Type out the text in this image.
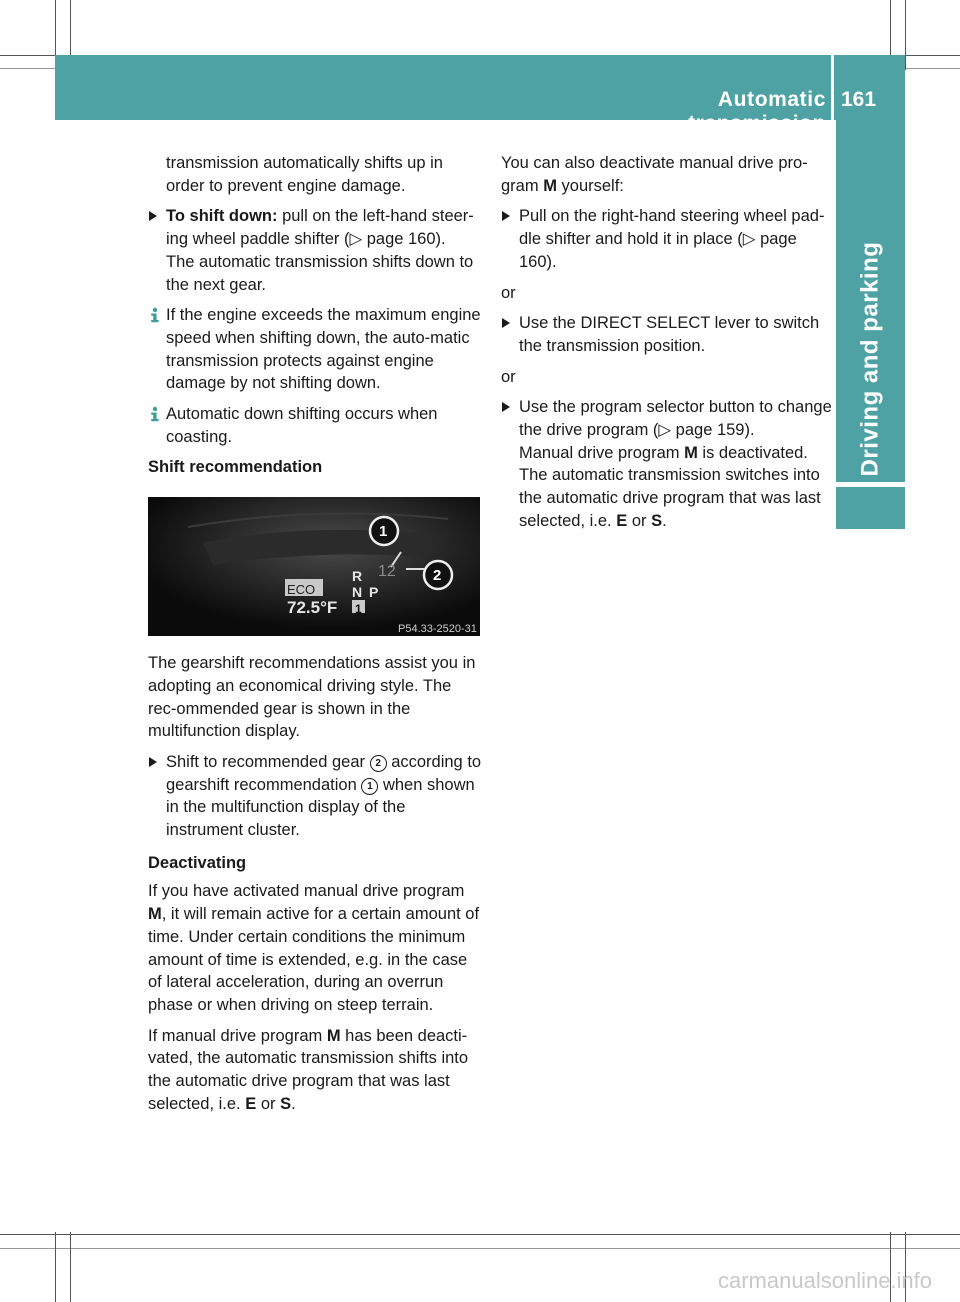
Automatic transmission
161
Driving and parking

transmission automatically shifts up in order to prevent engine damage.

To shift down: pull on the left-hand steer-ing wheel paddle shifter (▷ page 160).
The automatic transmission shifts down to the next gear.
If the engine exceeds the maximum engine speed when shifting down, the auto-matic transmission protects against engine damage by not shifting down.
Automatic down shifting occurs when coasting.
Shift recommendation
ECO
72.5°F
R
N P
1
12
1
2
P54.33-2520-31

The gearshift recommendations assist you in adopting an economical driving style. The rec-ommended gear is shown in the multifunction display.

Shift to recommended gear 2 according to gearshift recommendation 1 when shown in the multifunction display of the instrument cluster.
Deactivating

If you have activated manual drive program M, it will remain active for a certain amount of time. Under certain conditions the minimum amount of time is extended, e.g. in the case of lateral acceleration, during an overrun phase or when driving on steep terrain.

If manual drive program M has been deacti-vated, the automatic transmission shifts into the automatic drive program that was last selected, i.e. E or S.

You can also deactivate manual drive pro-gram M yourself:

Pull on the right-hand steering wheel pad-dle shifter and hold it in place (▷ page 160).

or

Use the DIRECT SELECT lever to switch the transmission position.

or

Use the program selector button to change the drive program (▷ page 159).
Manual drive program M is deactivated.
The automatic transmission switches into the automatic drive program that was last selected, i.e. E or S.
carmanualsonline.info
